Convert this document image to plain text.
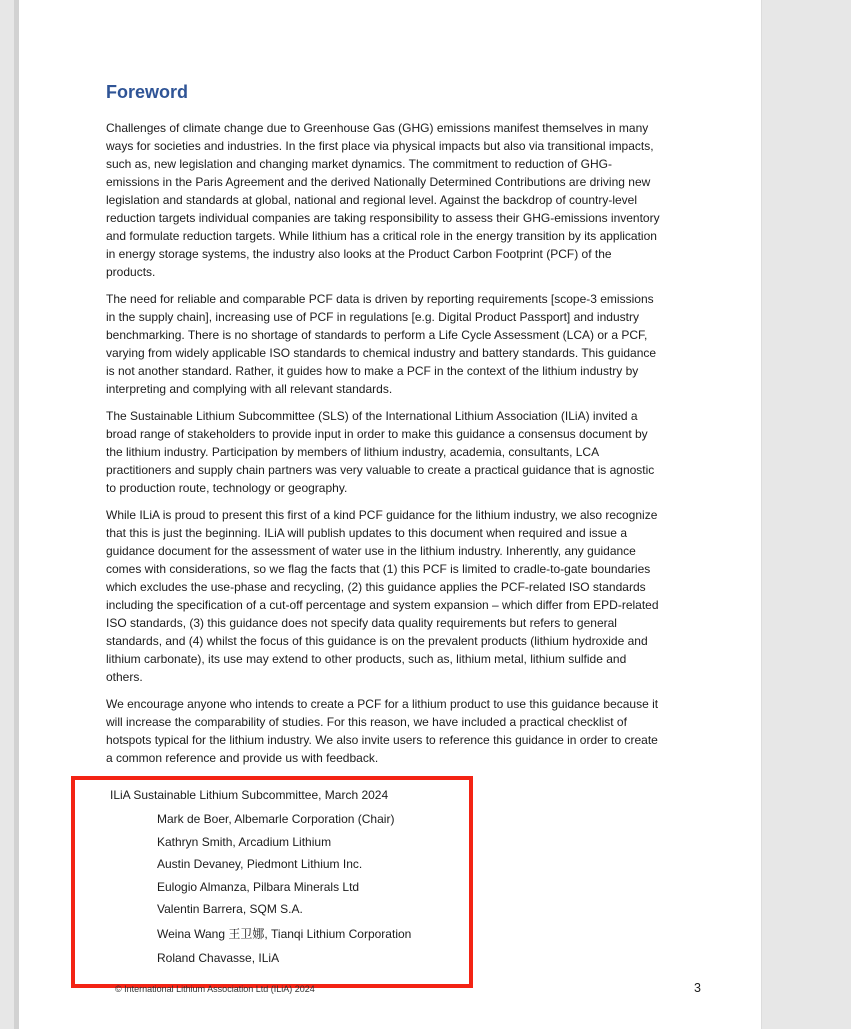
Foreword

Challenges of climate change due to Greenhouse Gas (GHG) emissions manifest themselves in many ways for societies and industries. In the first place via physical impacts but also via transitional impacts, such as, new legislation and changing market dynamics. The commitment to reduction of GHG-emissions in the Paris Agreement and the derived Nationally Determined Contributions are driving new legislation and standards at global, national and regional level. Against the backdrop of country-level reduction targets individual companies are taking responsibility to assess their GHG-emissions inventory and formulate reduction targets. While lithium has a critical role in the energy transition by its application in energy storage systems, the industry also looks at the Product Carbon Footprint (PCF) of the products.

The need for reliable and comparable PCF data is driven by reporting requirements [scope-3 emissions in the supply chain], increasing use of PCF in regulations [e.g. Digital Product Passport] and industry benchmarking. There is no shortage of standards to perform a Life Cycle Assessment (LCA) or a PCF, varying from widely applicable ISO standards to chemical industry and battery standards. This guidance is not another standard. Rather, it guides how to make a PCF in the context of the lithium industry by interpreting and complying with all relevant standards.

The Sustainable Lithium Subcommittee (SLS) of the International Lithium Association (ILiA) invited a broad range of stakeholders to provide input in order to make this guidance a consensus document by the lithium industry. Participation by members of lithium industry, academia, consultants, LCA practitioners and supply chain partners was very valuable to create a practical guidance that is agnostic to production route, technology or geography.

While ILiA is proud to present this first of a kind PCF guidance for the lithium industry, we also recognize that this is just the beginning. ILiA will publish updates to this document when required and issue a guidance document for the assessment of water use in the lithium industry. Inherently, any guidance comes with considerations, so we flag the facts that (1) this PCF is limited to cradle-to-gate boundaries which excludes the use-phase and recycling, (2) this guidance applies the PCF-related ISO standards including the specification of a cut-off percentage and system expansion – which differ from EPD-related ISO standards, (3) this guidance does not specify data quality requirements but refers to general standards, and (4) whilst the focus of this guidance is on the prevalent products (lithium hydroxide and lithium carbonate), its use may extend to other products, such as, lithium metal, lithium sulfide and others.

We encourage anyone who intends to create a PCF for a lithium product to use this guidance because it will increase the comparability of studies. For this reason, we have included a practical checklist of hotspots typical for the lithium industry. We also invite users to reference this guidance in order to create a common reference and provide us with feedback.

ILiA Sustainable Lithium Subcommittee, March 2024

Mark de Boer, Albemarle Corporation (Chair)

Kathryn Smith, Arcadium Lithium

Austin Devaney, Piedmont Lithium Inc.

Eulogio Almanza, Pilbara Minerals Ltd

Valentin Barrera, SQM S.A.

Weina Wang 王卫娜, Tianqi Lithium Corporation

Roland Chavasse, ILiA

© International Lithium Association Ltd (ILiA) 2024	3
